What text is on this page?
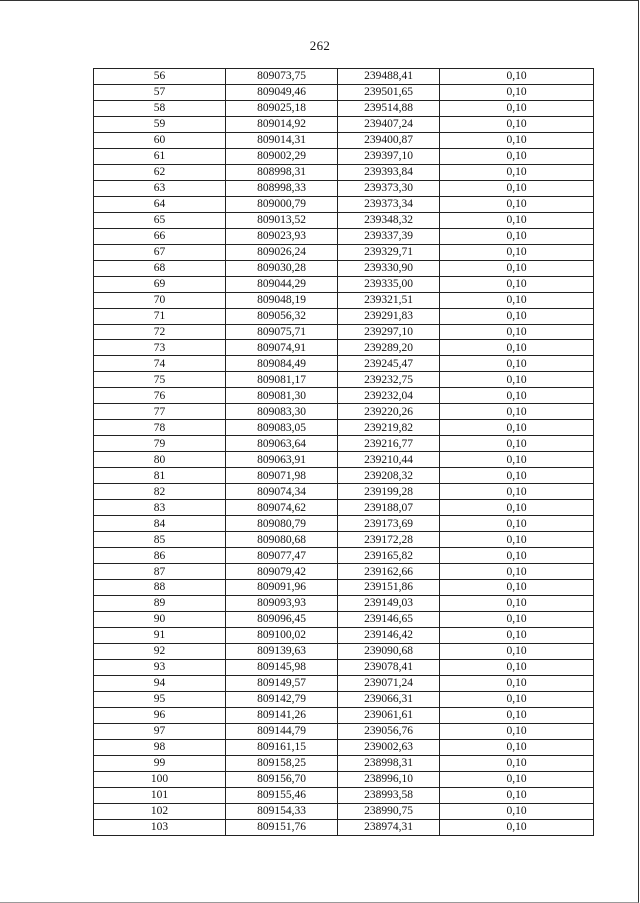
262
56	809073,75	239488,41	0,10
57	809049,46	239501,65	0,10
58	809025,18	239514,88	0,10
59	809014,92	239407,24	0,10
60	809014,31	239400,87	0,10
61	809002,29	239397,10	0,10
62	808998,31	239393,84	0,10
63	808998,33	239373,30	0,10
64	809000,79	239373,34	0,10
65	809013,52	239348,32	0,10
66	809023,93	239337,39	0,10
67	809026,24	239329,71	0,10
68	809030,28	239330,90	0,10
69	809044,29	239335,00	0,10
70	809048,19	239321,51	0,10
71	809056,32	239291,83	0,10
72	809075,71	239297,10	0,10
73	809074,91	239289,20	0,10
74	809084,49	239245,47	0,10
75	809081,17	239232,75	0,10
76	809081,30	239232,04	0,10
77	809083,30	239220,26	0,10
78	809083,05	239219,82	0,10
79	809063,64	239216,77	0,10
80	809063,91	239210,44	0,10
81	809071,98	239208,32	0,10
82	809074,34	239199,28	0,10
83	809074,62	239188,07	0,10
84	809080,79	239173,69	0,10
85	809080,68	239172,28	0,10
86	809077,47	239165,82	0,10
87	809079,42	239162,66	0,10
88	809091,96	239151,86	0,10
89	809093,93	239149,03	0,10
90	809096,45	239146,65	0,10
91	809100,02	239146,42	0,10
92	809139,63	239090,68	0,10
93	809145,98	239078,41	0,10
94	809149,57	239071,24	0,10
95	809142,79	239066,31	0,10
96	809141,26	239061,61	0,10
97	809144,79	239056,76	0,10
98	809161,15	239002,63	0,10
99	809158,25	238998,31	0,10
100	809156,70	238996,10	0,10
101	809155,46	238993,58	0,10
102	809154,33	238990,75	0,10
103	809151,76	238974,31	0,10
